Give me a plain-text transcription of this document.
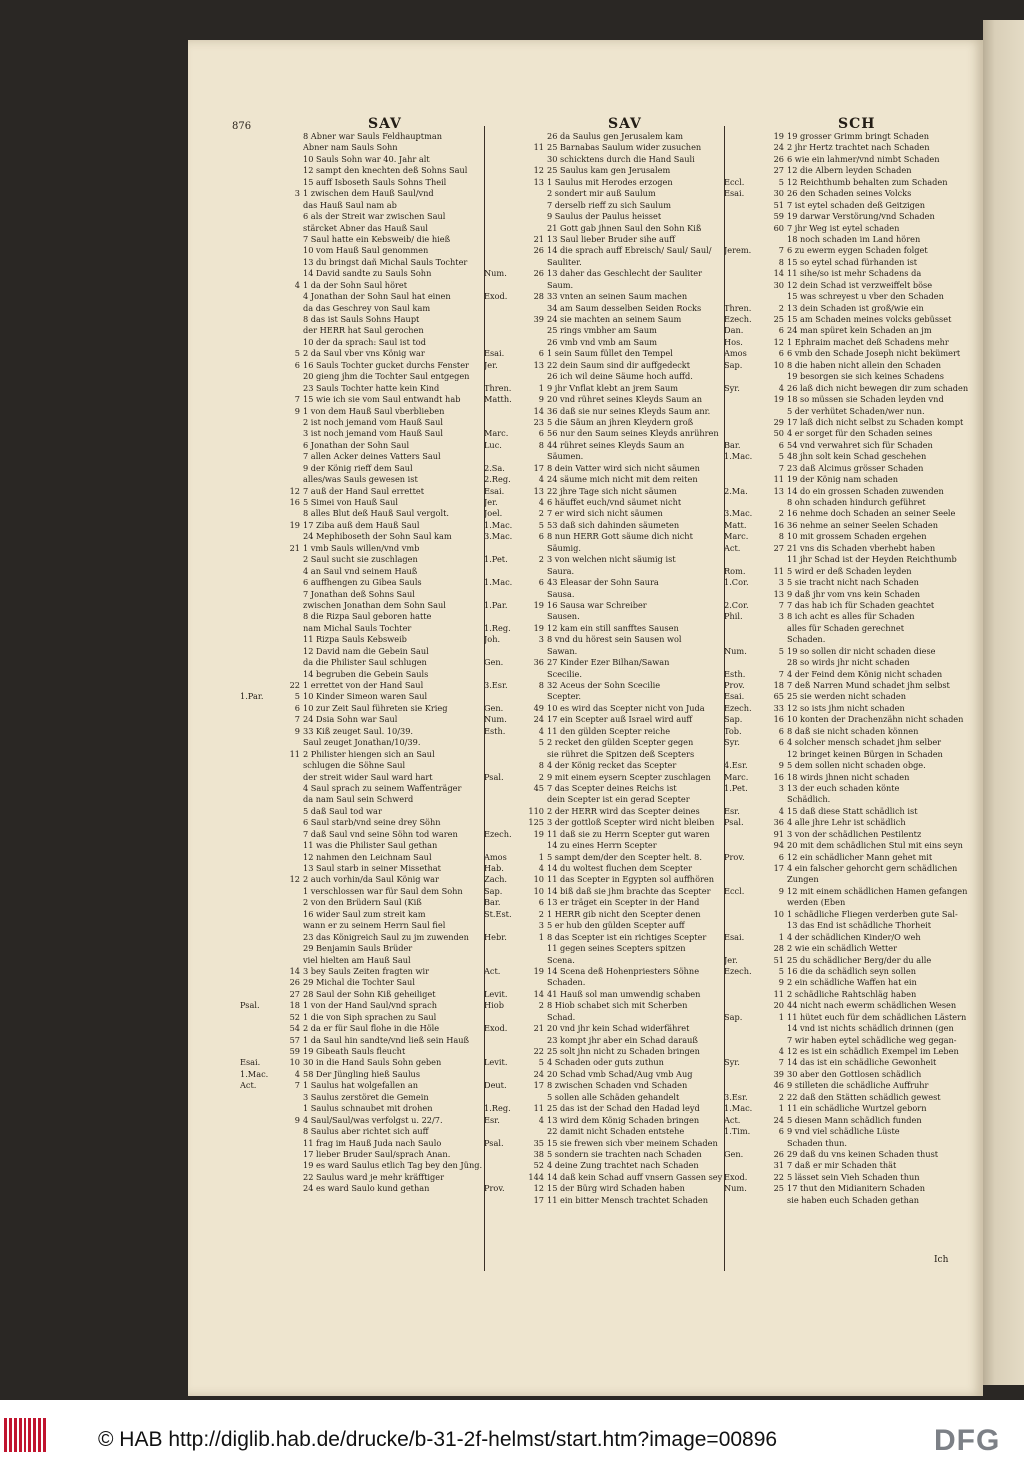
876	SAV	SAV	SCH
8 Abner war Sauls Feldhauptman
Abner nam Sauls Sohn
10 Sauls Sohn war 40. Jahr alt
12 sampt den knechten deß Sohns Saul
15 auff Isboseth Sauls Sohns Theil
3 1 zwischen dem Hauß Saul/vnd
das Hauß Saul nam ab
6 als der Streit war zwischen Saul
stärcket Abner das Hauß Saul
7 Saul hatte ein Kebsweib/ die hieß
10 vom Hauß Saul genommen
13 du bringst dañ Michal Sauls Tochter
14 David sandte zu Sauls Sohn
4 1 da der Sohn Saul höret
4 Jonathan der Sohn Saul hat einen
da das Geschrey von Saul kam
8 das ist Sauls Sohns Haupt
der HERR hat Saul gerochen
10 der da sprach: Saul ist tod
5 2 da Saul vber vns König war
6 16 Sauls Tochter gucket durchs Fenster
20 gieng jhm die Tochter Saul entgegen
23 Sauls Tochter hatte kein Kind
7 15 wie ich sie vom Saul entwandt hab
9 1 von dem Hauß Saul vberblieben
2 ist noch jemand vom Hauß Saul
3 ist noch jemand vom Hauß Saul
6 Jonathan der Sohn Saul
7 allen Acker deines Vatters Saul
9 der König rieff dem Saul
alles/was Sauls gewesen ist
12 7 auß der Hand Saul errettet
16 5 Simei von Hauß Saul
8 alles Blut deß Hauß Saul vergolt.
19 17 Ziba auß dem Hauß Saul
24 Mephiboseth der Sohn Saul kam
21 1 vmb Sauls willen/vnd vmb
2 Saul sucht sie zuschlagen
4 an Saul vnd seinem Hauß
6 auffhengen zu Gibea Sauls
7 Jonathan deß Sohns Saul
zwischen Jonathan dem Sohn Saul
8 die Rizpa Saul geboren hatte
nam Michal Sauls Tochter
11 Rizpa Sauls Kebsweib
12 David nam die Gebein Saul
da die Philister Saul schlugen
14 begruben die Gebein Sauls
22 1 errettet von der Hand Saul
1.Par.	5 10 Kinder Simeon waren Saul
6 10 zur Zeit Saul führeten sie Krieg
7 24 Dsia Sohn war Saul
9 33 Kiß zeuget Saul. 10/39.
Saul zeuget Jonathan/10/39.
11 2 Philister hiengen sich an Saul
schlugen die Söhne Saul
der streit wider Saul ward hart
4 Saul sprach zu seinem Waffenträger
da nam Saul sein Schwerd
5 daß Saul tod war
6 Saul starb/vnd seine drey Söhn
7 daß Saul vnd seine Söhn tod waren
11 was die Philister Saul gethan
12 nahmen den Leichnam Saul
13 Saul starb in seiner Missethat
12 2 auch vorhin/da Saul König war
1 verschlossen war für Saul dem Sohn
2 von den Brüdern Saul (Kiß
16 wider Saul zum streit kam
wann er zu seinem Herrn Saul fiel
23 das Königreich Saul zu jm zuwenden
29 Benjamin Sauls Brüder
viel hielten am Hauß Saul
14 3 bey Sauls Zeiten fragten wir
26 29 Michal die Tochter Saul
27 28 Saul der Sohn Kiß geheiliget
Psal.	18 1 von der Hand Saul/vnd sprach
52 1 die von Siph sprachen zu Saul
54 2 da er für Saul flohe in die Höle
57 1 da Saul hin sandte/vnd ließ sein Hauß
59 19 Gibeath Sauls fleucht
Esai.	10 30 in die Hand Sauls Sohn geben
1.Mac.	4 58 Der Jüngling hieß Saulus
Act.	7 1 Saulus hat wolgefallen an
3 Saulus zerstöret die Gemein
1 Saulus schnaubet mit drohen
9 4 Saul/Saul/was verfolgst u. 22/7.
8 Saulus aber richtet sich auff
11 frag im Hauß Juda nach Saulo
17 lieber Bruder Saul/sprach Anan.
19 es ward Saulus etlich Tag bey den Jüng.
22 Saulus ward je mehr kräfftiger
24 es ward Saulo kund gethan
26 da Saulus gen Jerusalem kam
11 25 Barnabas Saulum wider zusuchen
30 schicktens durch die Hand Sauli
12 25 Saulus kam gen Jerusalem
13 1 Saulus mit Herodes erzogen
2 sondert mir auß Saulum
7 derselb rieff zu sich Saulum
9 Saulus der Paulus heisset
21 Gott gab jhnen Saul den Sohn Kiß
21 13 Saul lieber Bruder sihe auff
26 14 die sprach auff Ebreisch/ Saul/ Saul/
Sauliter.
Num.	26 13 daher das Geschlecht der Sauliter
Saum.
Exod.	28 33 vnten an seinen Saum machen
34 am Saum desselben Seiden Rocks
39 24 sie machten an seinem Saum
25 rings vmbher am Saum
26 vmb vnd vmb am Saum
Esai.	6 1 sein Saum füllet den Tempel
Jer.	13 22 dein Saum sind dir auffgedeckt
26 ich wil deine Säume hoch auffd.
Thren.	1 9 jhr Vnflat klebt an jrem Saum
Matth.	9 20 vnd rühret seines Kleyds Saum an
14 36 daß sie nur seines Kleyds Saum anr.
23 5 die Säum an jhren Kleydern groß
Marc.	6 56 nur den Saum seines Kleyds anrühren
Luc.	8 44 rühret seines Kleyds Saum an
Säumen.
2.Sa.	17 8 dein Vatter wird sich nicht säumen
2.Reg.	4 24 säume mich nicht mit dem reiten
Esai.	13 22 jhre Tage sich nicht säumen
Jer.	4 6 häuffet euch/vnd säumet nicht
Joel.	2 7 er wird sich nicht säumen
1.Mac.	5 53 daß sich dahinden säumeten
3.Mac.	6 8 nun HERR Gott säume dich nicht
Säumig.
1.Pet.	2 3 von welchen nicht säumig ist
Saura.
1.Mac.	6 43 Eleasar der Sohn Saura
Sausa.
1.Par.	19 16 Sausa war Schreiber
Sausen.
1.Reg.	19 12 kam ein still sanfftes Sausen
Joh.	3 8 vnd du hörest sein Sausen wol
Sawan.
Gen.	36 27 Kinder Ezer Bilhan/Sawan
Scecilie.
3.Esr.	8 32 Aceus der Sohn Scecilie
Scepter.
Gen.	49 10 es wird das Scepter nicht von Juda
Num.	24 17 ein Scepter auß Israel wird auff
Esth.	4 11 den gülden Scepter reiche
5 2 recket den gülden Scepter gegen
sie rühret die Spitzen deß Scepters
8 4 der König recket das Scepter
Psal.	2 9 mit einem eysern Scepter zuschlagen
45 7 das Scepter deines Reichs ist
dein Scepter ist ein gerad Scepter
110 2 der HERR wird das Scepter deines
125 3 der gottloß Scepter wird nicht bleiben
Ezech.	19 11 daß sie zu Herrn Scepter gut waren
14 zu eines Herrn Scepter
Amos	1 5 sampt dem/der den Scepter helt. 8.
Hab.	4 14 du woltest fluchen dem Scepter
Zach.	10 11 das Scepter in Egypten sol auffhören
Sap.	10 14 biß daß sie jhm brachte das Scepter
Bar.	6 13 er träget ein Scepter in der Hand
St.Est.	2 1 HERR gib nicht den Scepter denen
3 5 er hub den gülden Scepter auff
Hebr.	1 8 das Scepter ist ein richtiges Scepter
11 gegen seines Scepters spitzen
Scena.
Act.	19 14 Scena deß Hohenpriesters Söhne
Schaden.
Levit.	14 41 Hauß sol man umwendig schaben
Hiob	2 8 Hiob schabet sich mit Scherben
Schad.
Exod.	21 20 vnd jhr kein Schad widerfähret
23 kompt jhr aber ein Schad darauß
22 25 solt jhn nicht zu Schaden bringen
Levit.	5 4 Schaden oder guts zuthun
24 20 Schad vmb Schad/Aug vmb Aug
Deut.	17 8 zwischen Schaden vnd Schaden
5 sollen alle Schäden gehandelt
1.Reg.	11 25 das ist der Schad den Hadad leyd
Esr.	4 13 wird dem König Schaden bringen
22 damit nicht Schaden entstehe
Psal.	35 15 sie frewen sich vber meinem Schaden
38 5 sondern sie trachten nach Schaden
52 4 deine Zung trachtet nach Schaden
144 14 daß kein Schad auff vnsern Gassen sey
Prov.	12 15 der Bürg wird Schaden haben
17 11 ein bitter Mensch trachtet Schaden
19 19 grosser Grimm bringt Schaden
24 2 jhr Hertz trachtet nach Schaden
26 6 wie ein lahmer/vnd nimbt Schaden
27 12 die Albern leyden Schaden
Eccl.	5 12 Reichthumb behalten zum Schaden
Esai.	30 26 den Schaden seines Volcks
51 7 ist eytel schaden deß Geitzigen
59 19 darwar Verstörung/vnd Schaden
60 7 jhr Weg ist eytel schaden
18 noch schaden im Land hören
Jerem.	7 6 zu ewerm eygen Schaden folget
8 15 so eytel schad fürhanden ist
14 11 sihe/so ist mehr Schadens da
30 12 dein Schad ist verzweiffelt böse
15 was schreyest u vber den Schaden
Thren.	2 13 dein Schaden ist groß/wie ein
Ezech.	25 15 am Schaden meines volcks gebüsset
Dan.	6 24 man spüret kein Schaden an jm
Hos.	12 1 Ephraim machet deß Schadens mehr
Amos	6 6 vmb den Schade Joseph nicht bekümert
Sap.	10 8 die haben nicht allein den Schaden
19 besorgen sie sich keines Schadens
Syr.	4 26 laß dich nicht bewegen dir zum schaden
19 18 so müssen sie Schaden leyden vnd
5 der verhütet Schaden/wer nun.
29 17 laß dich nicht selbst zu Schaden kompt
50 4 er sorget für den Schaden seines
Bar.	6 54 vnd verwahret sich für Schaden
1.Mac.	5 48 jhn solt kein Schad geschehen
7 23 daß Alcimus grösser Schaden
11 19 der König nam schaden
2.Ma.	13 14 do ein grossen Schaden zuwenden
8 ohn schaden hindurch geführet
3.Mac.	2 16 nehme doch Schaden an seiner Seele
Matt.	16 36 nehme an seiner Seelen Schaden
Marc.	8 10 mit grossem Schaden ergehen
Act.	27 21 vns dis Schaden vberhebt haben
11 jhr Schad ist der Heyden Reichthumb
Rom.	11 5 wird er deß Schaden leyden
1.Cor.	3 5 sie tracht nicht nach Schaden
13 9 daß jhr vom vns kein Schaden
2.Cor.	7 7 das hab ich für Schaden geachtet
Phil.	3 8 ich acht es alles für Schaden
alles für Schaden gerechnet
Schaden.
Num.	5 19 so sollen dir nicht schaden diese
28 so wirds jhr nicht schaden
Esth.	7 4 der Feind dem König nicht schaden
Prov.	18 7 deß Narren Mund schadet jhm selbst
Esai.	65 25 sie werden nicht schaden
Ezech.	33 12 so ists jhm nicht schaden
Sap.	16 10 konten der Drachenzähn nicht schaden
Tob.	6 8 daß sie nicht schaden können
Syr.	6 4 solcher mensch schadet jhm selber
12 bringet keinen Bürgen in Schaden
4.Esr.	9 5 dem sollen nicht schaden obge.
Marc.	16 18 wirds jhnen nicht schaden
1.Pet.	3 13 der euch schaden könte
Schädlich.
Esr.	4 15 daß diese Statt schädlich ist
Psal.	36 4 alle jhre Lehr ist schädlich
91 3 von der schädlichen Pestilentz
94 20 mit dem schädlichen Stul mit eins seyn
Prov.	6 12 ein schädlicher Mann gehet mit
17 4 ein falscher gehorcht gern schädlichen
Zungen
Eccl.	9 12 mit einem schädlichen Hamen gefangen
werden (Eben
10 1 schädliche Fliegen verderben gute Sal-
13 das End ist schädliche Thorheit
Esai.	1 4 der schädlichen Kinder/O weh
28 2 wie ein schädlich Wetter
Jer.	51 25 du schädlicher Berg/der du alle
Ezech.	5 16 die da schädlich seyn sollen
9 2 ein schädliche Waffen hat ein
11 2 schädliche Rahtschläg haben
20 44 nicht nach ewerm schädlichen Wesen
Sap.	1 11 hütet euch für dem schädlichen Lästern
14 vnd ist nichts schädlich drinnen (gen
7 wir haben eytel schädliche weg gegan-
4 12 es ist ein schädlich Exempel im Leben
Syr.	7 14 das ist ein schädliche Gewonheit
39 30 aber den Gottlosen schädlich
46 9 stilleten die schädliche Auffruhr
3.Esr.	2 22 daß den Stätten schädlich gewest
1.Mac.	1 11 ein schädliche Wurtzel geborn
Act.	24 5 diesen Mann schädlich funden
1.Tim.	6 9 vnd viel schädliche Lüste
Schaden thun.
Gen.	26 29 daß du vns keinen Schaden thust
31 7 daß er mir Schaden thät
Exod.	22 5 lässet sein Vieh Schaden thun
Num.	25 17 thut den Midianitern Schaden
sie haben euch Schaden gethan
Ich
© HAB http://diglib.hab.de/drucke/b-31-2f-helmst/start.htm?image=00896	DFG
